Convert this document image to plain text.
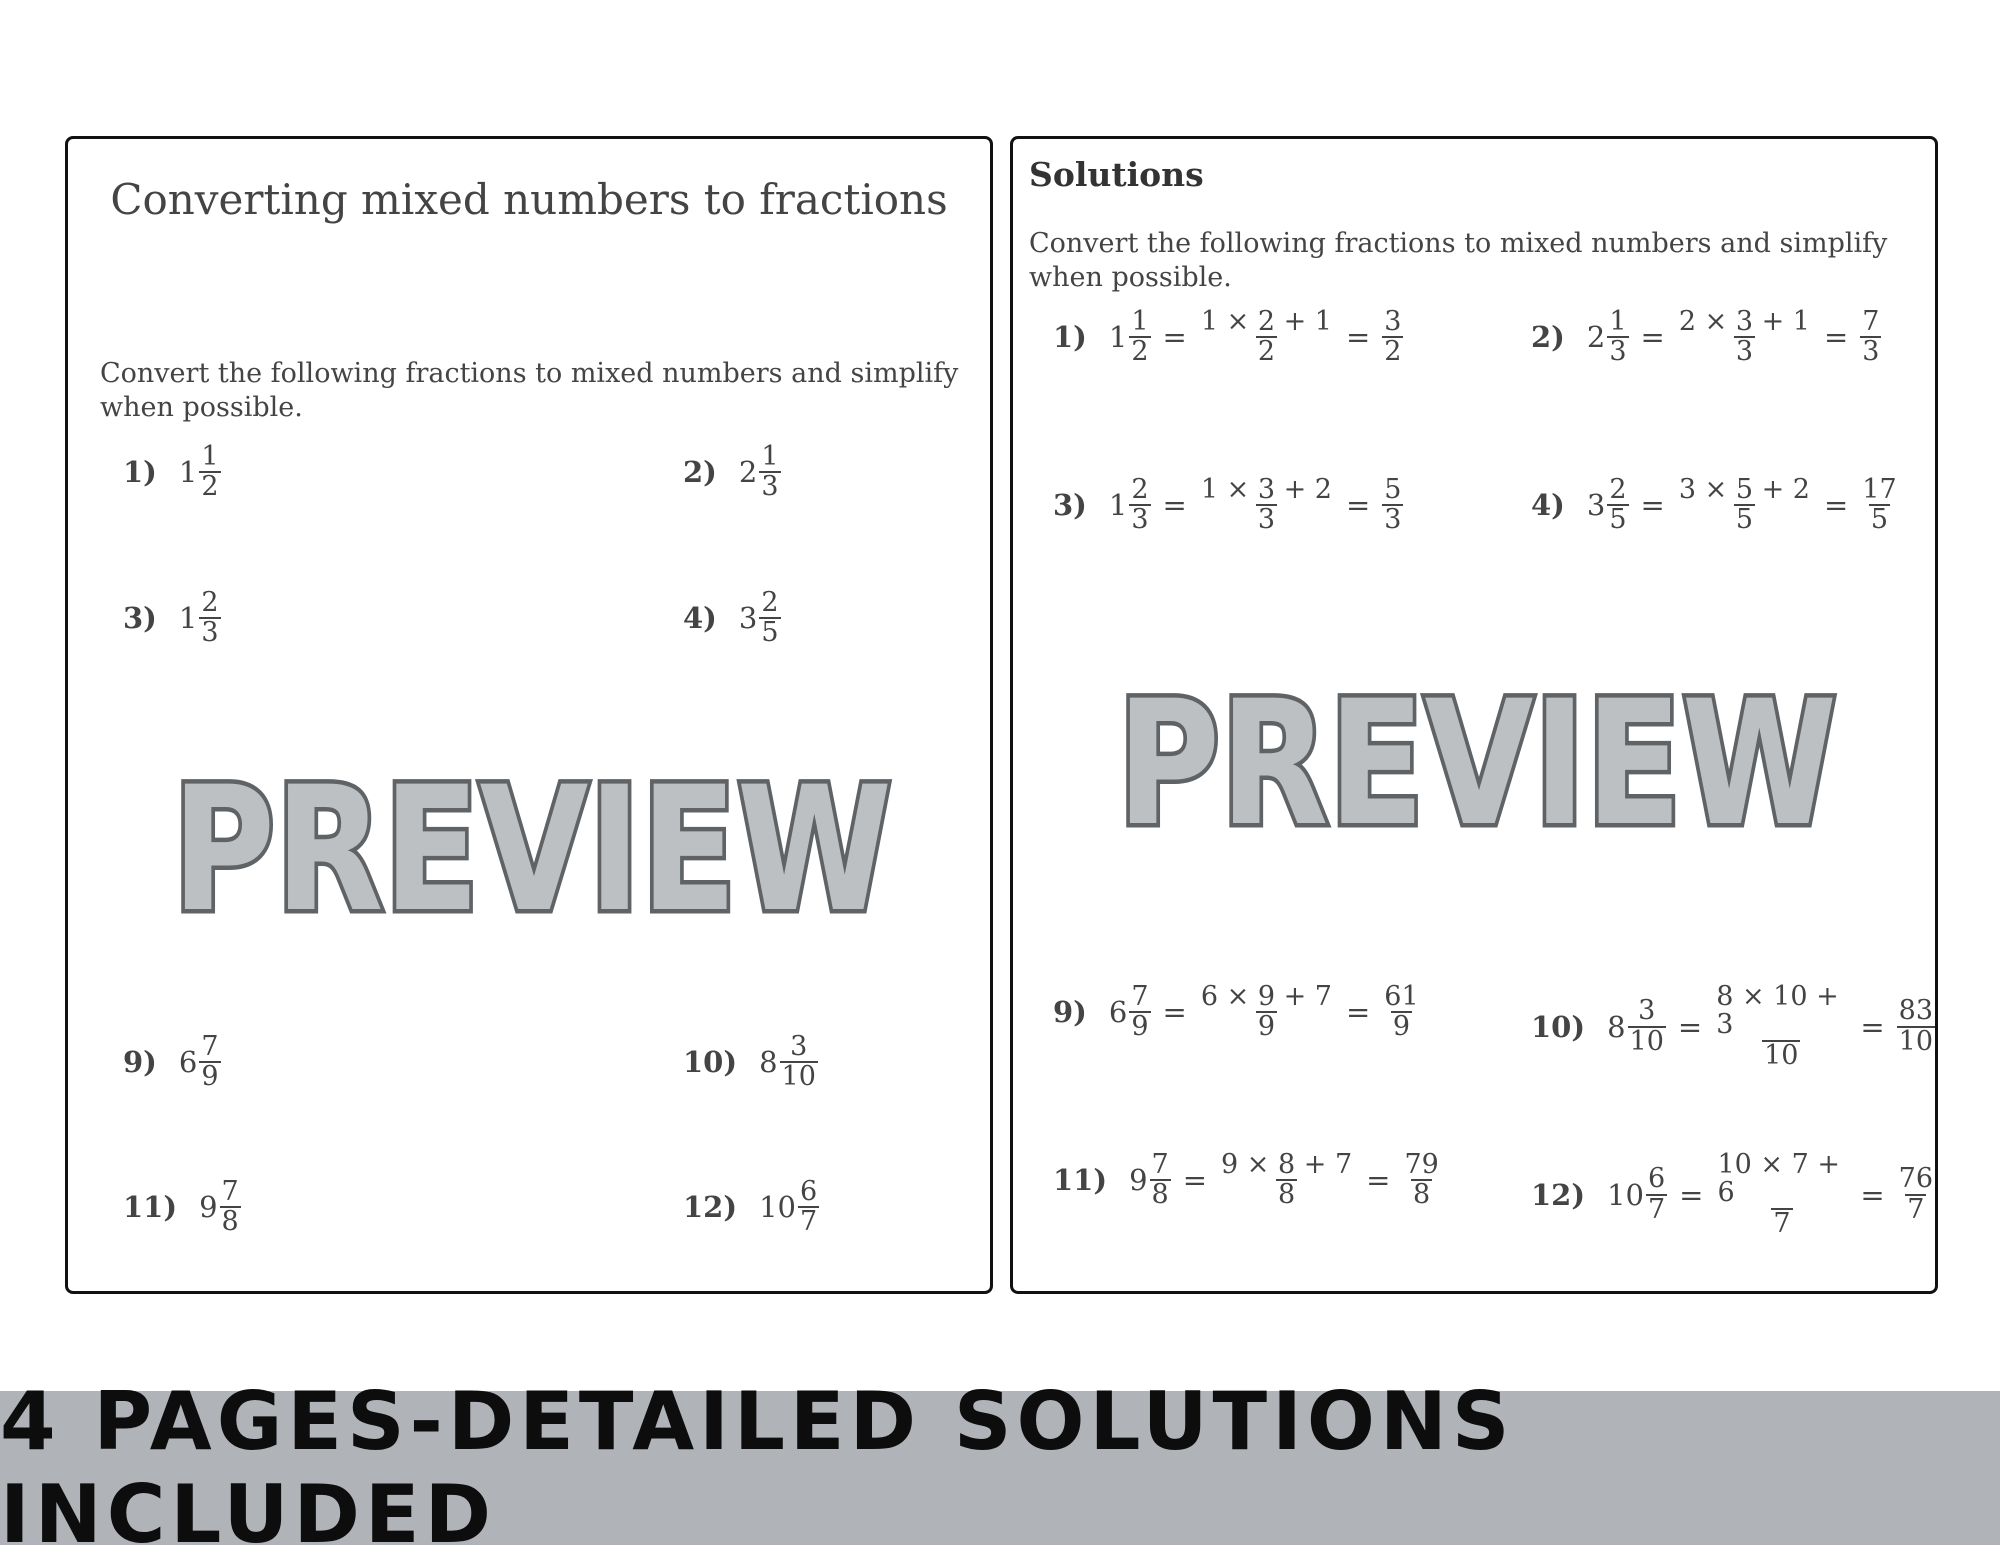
Converting mixed numbers to fractions
Convert the following fractions to mixed numbers and simplify when possible.
1) $1 \frac{1}{2}$	2) $2 \frac{1}{3}$
3) $1 \frac{2}{3}$	4) $3 \frac{2}{5}$
9) $6 \frac{7}{9}$	10) $8 \frac{3}{10}$
11) $9 \frac{7}{8}$	12) $10 \frac{6}{7}$
PREVIEW
Solutions
Convert the following fractions to mixed numbers and simplify when possible.
1) $1 \frac{1}{2} = \frac{1 \times 2 + 1}{2} = \frac{3}{2}$	2) $2 \frac{1}{3} = \frac{2 \times 3 + 1}{3} = \frac{7}{3}$
3) $1 \frac{2}{3} = \frac{1 \times 3 + 2}{3} = \frac{5}{3}$	4) $3 \frac{2}{5} = \frac{3 \times 5 + 2}{5} = \frac{17}{5}$
9) $6 \frac{7}{9} = \frac{6 \times 9 + 7}{9} = \frac{61}{9}$	10) $8 \frac{3}{10} = \frac{8 \times 10 + 3}{10} = \frac{83}{10}$
11) $9 \frac{7}{8} = \frac{9 \times 8 + 7}{8} = \frac{79}{8}$	12) $10 \frac{6}{7} = \frac{10 \times 7 + 6}{7} = \frac{76}{7}$
PREVIEW
4 PAGES-DETAILED SOLUTIONS INCLUDED
